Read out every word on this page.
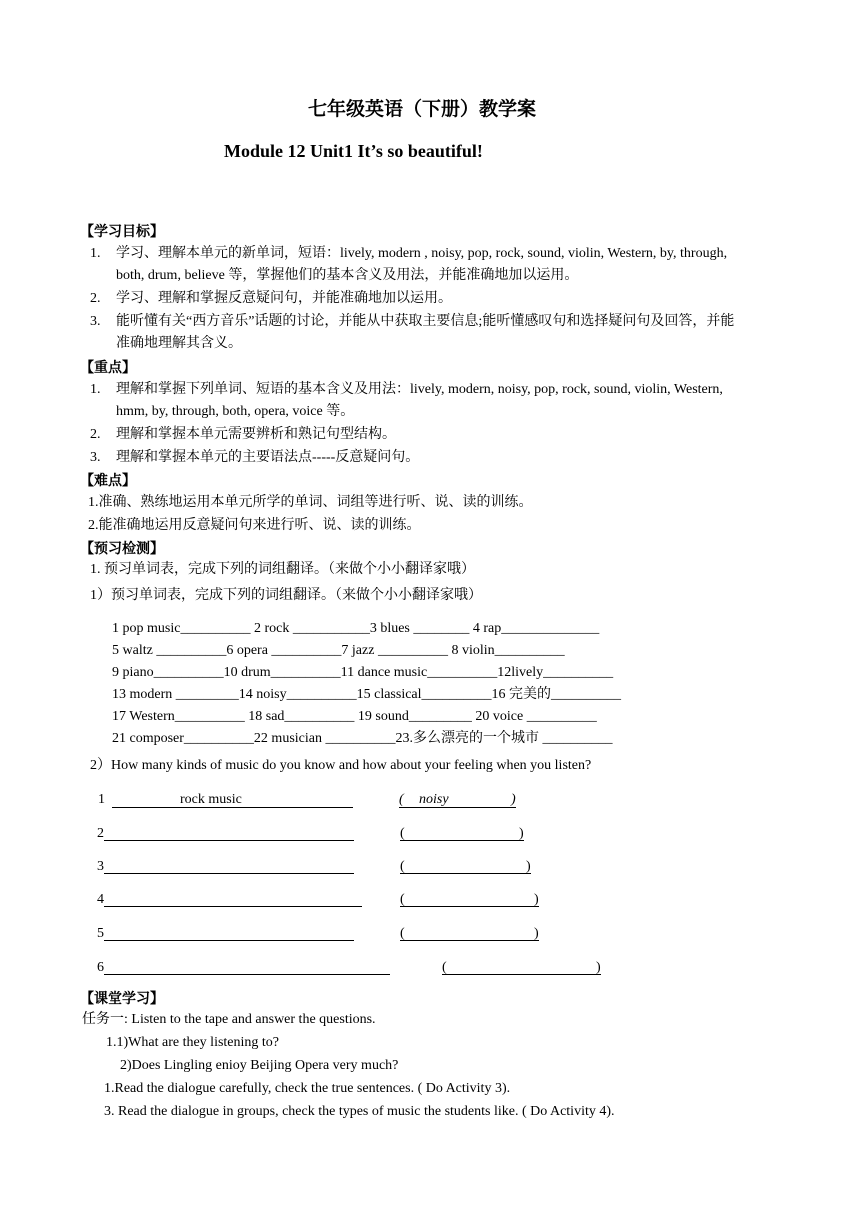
七年级英语（下册）教学案
Module 12 Unit1 It’s so beautiful!
【学习目标】
1. 学习、理解本单元的新单词，短语：lively, modern , noisy, pop, rock, sound, violin, Western, by, through,
both, drum, believe 等，掌握他们的基本含义及用法，并能准确地加以运用。
2. 学习、理解和掌握反意疑问句，并能准确地加以运用。
3. 能听懂有关“西方音乐”话题的讨论，并能从中获取主要信息;能听懂感叹句和选择疑问句及回答，并能
准确地理解其含义。
【重点】
1. 理解和掌握下列单词、短语的基本含义及用法：lively, modern, noisy, pop, rock, sound, violin, Western,
hmm, by, through, both, opera, voice 等。
2. 理解和掌握本单元需要辨析和熟记句型结构。
3. 理解和掌握本单元的主要语法点-----反意疑问句。
【难点】
1.准确、熟练地运用本单元所学的单词、词组等进行听、说、读的训练。
2.能准确地运用反意疑问句来进行听、说、读的训练。
【预习检测】
1. 预习单词表，完成下列的词组翻译。（来做个小小翻译家哦）
1）预习单词表，完成下列的词组翻译。（来做个小小翻译家哦）
1 pop music__________ 2 rock ___________3 blues ________ 4 rap______________
5 waltz __________6 opera __________7 jazz __________ 8 violin__________
9 piano__________10 drum__________11 dance music__________12lively__________
13 modern _________14 noisy__________15 classical__________16 完美的__________
17 Western__________ 18 sad__________ 19 sound_________ 20 voice __________
21 composer__________22 musician __________23.多么漂亮的一个城市 __________
2）How many kinds of music do you know and how about your feeling when you listen?
1	rock music	( noisy	)
2	(	)
3	(	)
4	(	)
5	(	)
6	(	)
【课堂学习】
任务一: Listen to the tape and answer the questions.
1.1)What are they listening to?
2)Does Lingling enioy Beijing Opera very much?
1.Read the dialogue carefully, check the true sentences. ( Do Activity 3).
3. Read the dialogue in groups, check the types of music the students like. ( Do Activity 4).
